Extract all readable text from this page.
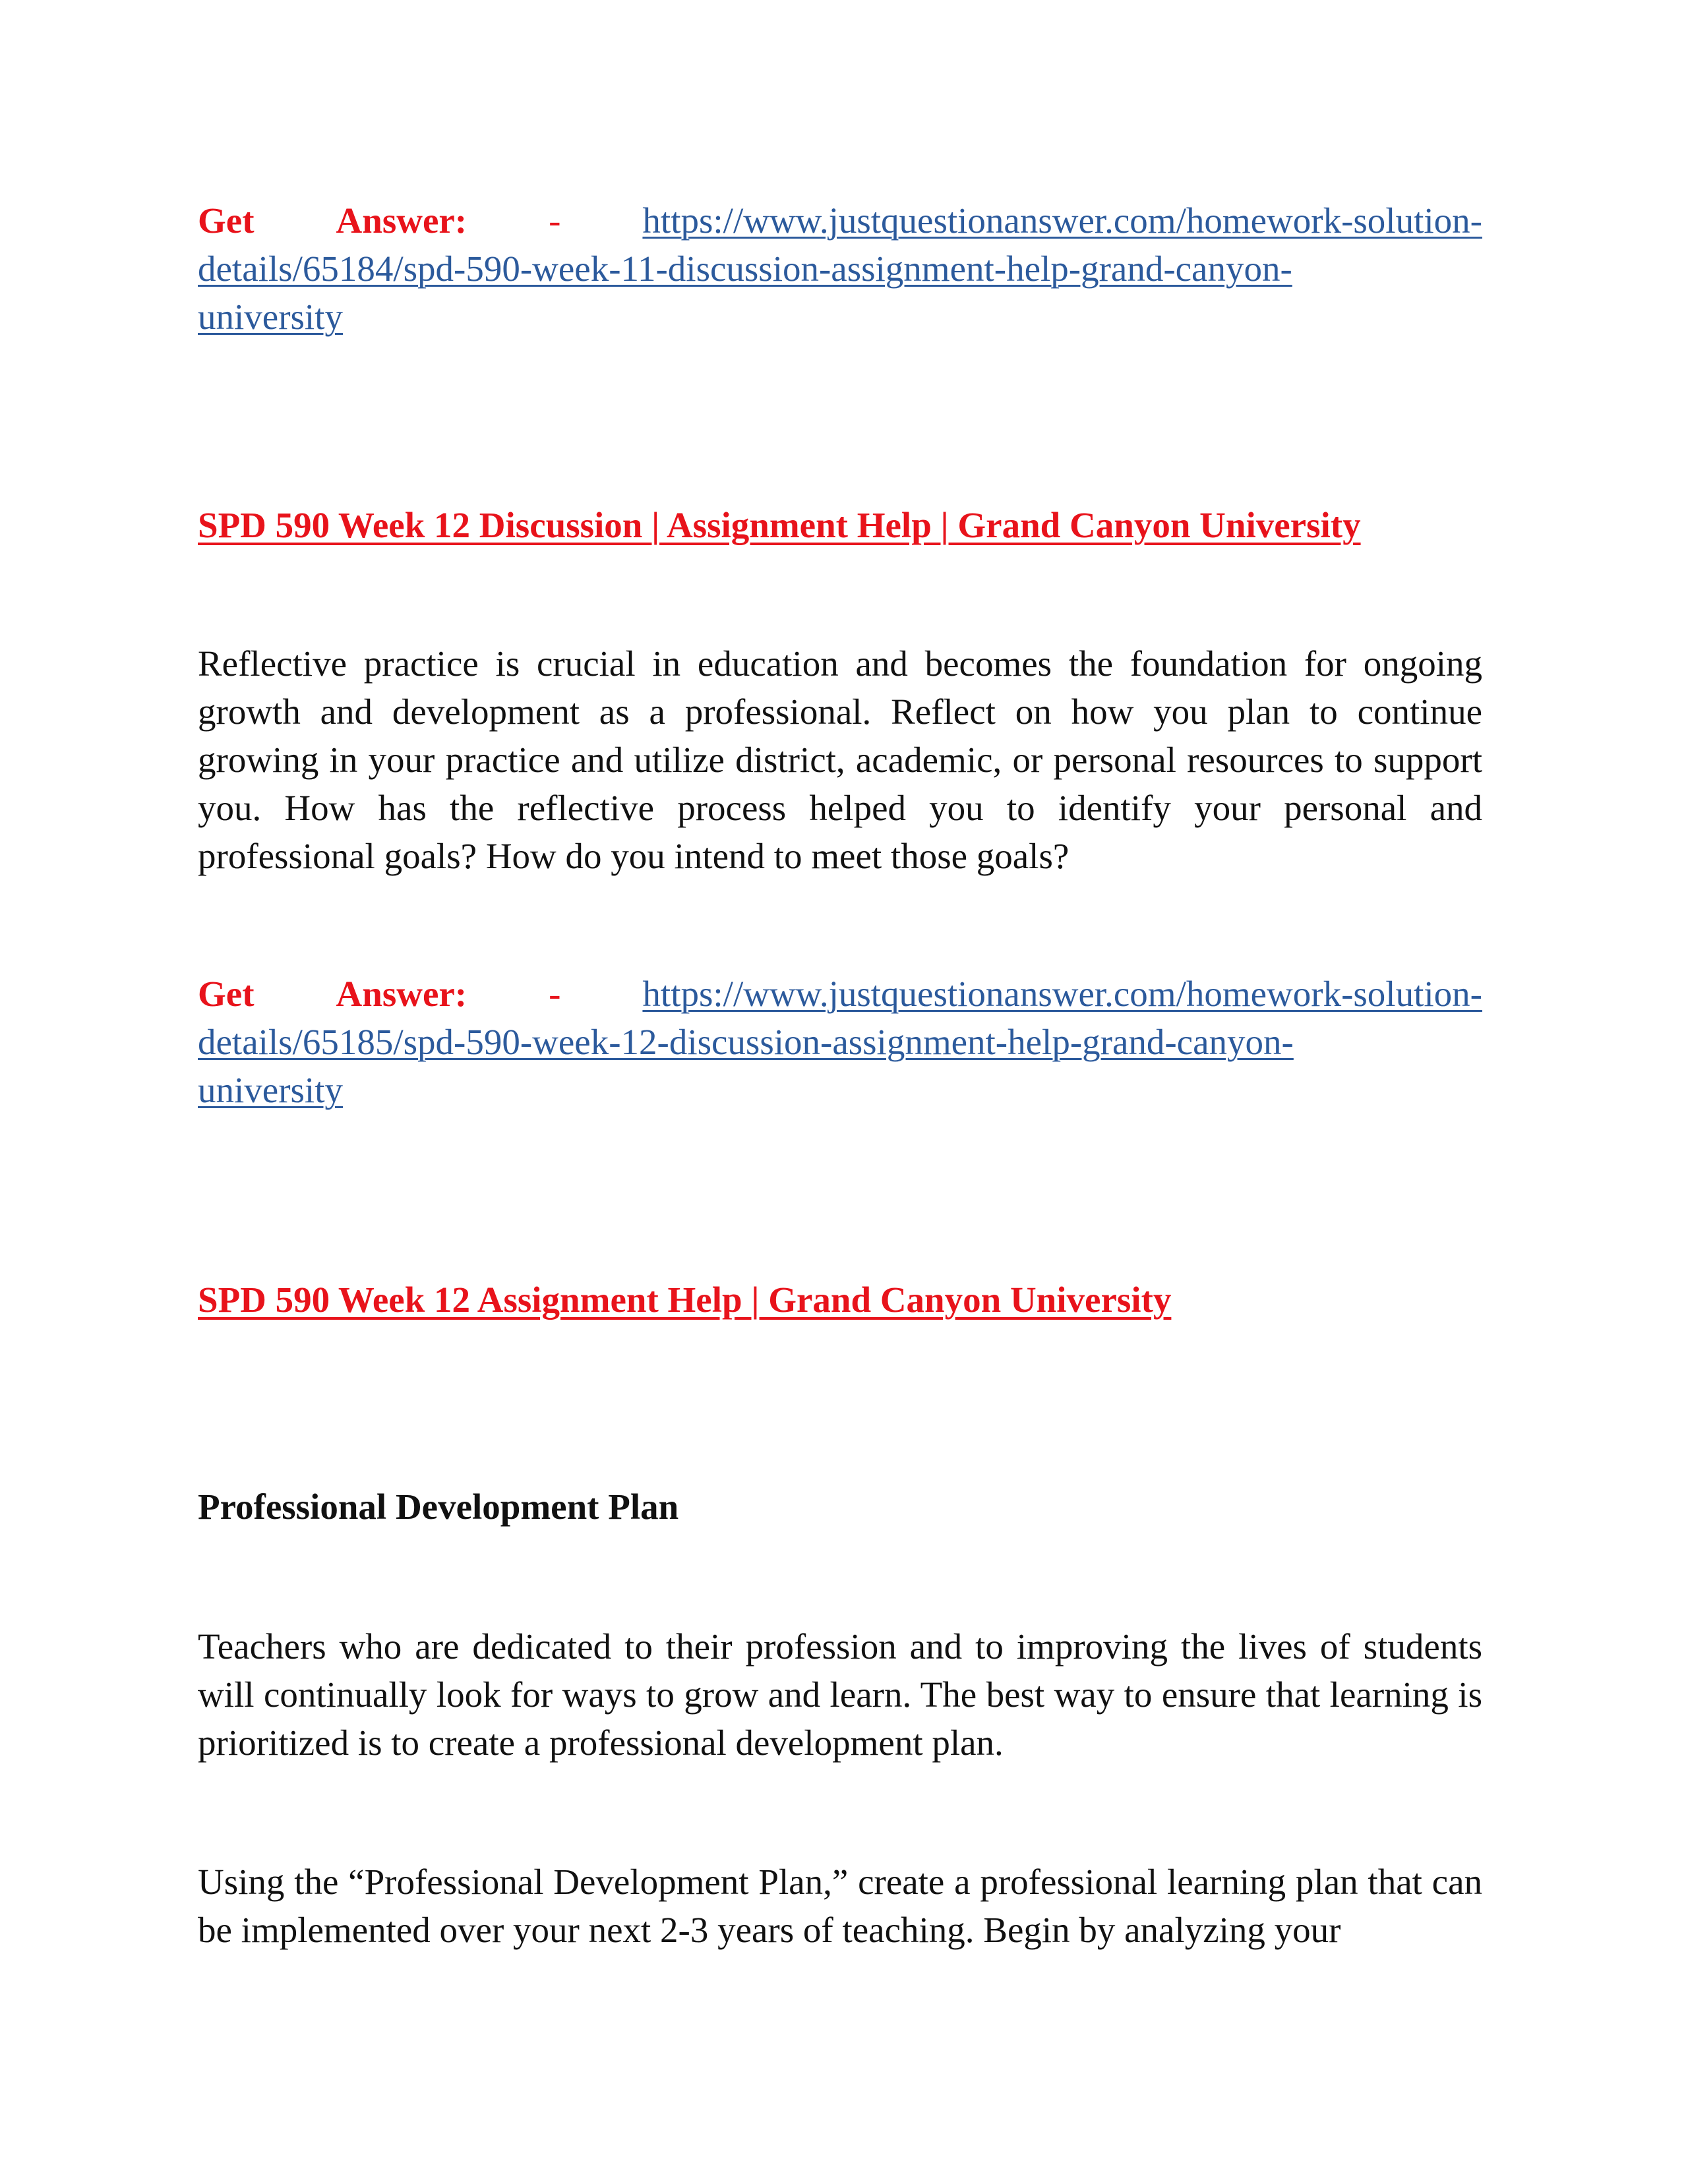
Get Answer: - https://www.justquestionanswer.com/homework-solution-
details/65184/spd-590-week-11-discussion-assignment-help-grand-canyon-
university
SPD 590 Week 12 Discussion | Assignment Help | Grand Canyon University
Reflective practice is crucial in education and becomes the foundation for ongoing growth and development as a professional. Reflect on how you plan to continue growing in your practice and utilize district, academic, or personal resources to support you. How has the reflective process helped you to identify your personal and professional goals? How do you intend to meet those goals?
Get Answer: - https://www.justquestionanswer.com/homework-solution-
details/65185/spd-590-week-12-discussion-assignment-help-grand-canyon-
university
SPD 590 Week 12 Assignment Help | Grand Canyon University
Professional Development Plan
Teachers who are dedicated to their profession and to improving the lives of students will continually look for ways to grow and learn. The best way to ensure that learning is prioritized is to create a professional development plan.
Using the “Professional Development Plan,” create a professional learning plan that can be implemented over your next 2-3 years of teaching. Begin by analyzing your
